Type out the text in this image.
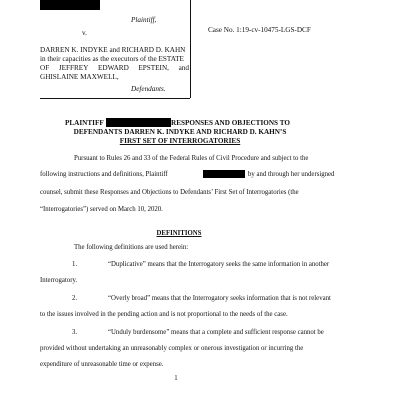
Plaintiff,
Case No. 1:19-cv-10475-LGS-DCF
v.
DARREN K. INDYKE and RICHARD D. KAHN
in their capacities as the executors of the ESTATE
OF JEFFREY EDWARD EPSTEIN, and
GHISLAINE MAXWELL,
Defendants.
PLAINTIFF	RESPONSES AND OBJECTIONS TO
DEFENDANTS DARREN K. INDYKE AND RICHARD D. KAHN’S
FIRST SET OF INTERROGATORIES
Pursuant to Rules 26 and 33 of the Federal Rules of Civil Procedure and subject to the
following instructions and definitions, Plaintiff	by and through her undersigned
counsel, submit these Responses and Objections to Defendants’ First Set of Interrogatories (the
“Interrogatories”) served on March 10, 2020.
DEFINITIONS
The following definitions are used herein:
1.	“Duplicative” means that the Interrogatory seeks the same information in another
Interrogatory.
2.	“Overly broad” means that the Interrogatory seeks information that is not relevant
to the issues involved in the pending action and is not proportional to the needs of the case.
3.	“Unduly burdensome” means that a complete and sufficient response cannot be
provided without undertaking an unreasonably complex or onerous investigation or incurring the
expenditure of unreasonable time or expense.
1
